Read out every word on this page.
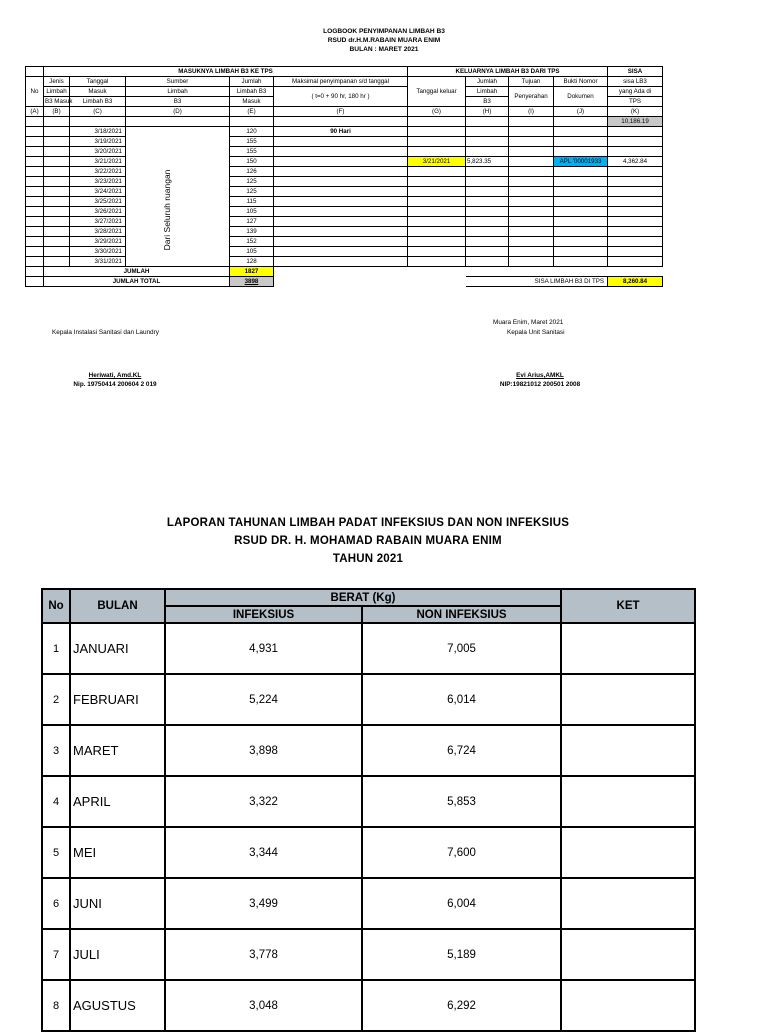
LOGBOOK PENYIMPANAN LIMBAH B3
RSUD dr.H.M.RABAIN MUARA ENIM
BULAN : MARET 2021
	MASUKNYA LIMBAH B3 KE TPS					KELUARNYA LIMBAH B3 DARI TPS				SISA
No	Jenis	Tanggal	Sumber	Jumlah	Maksimal penyimpanan s/d tanggal	Tanggal keluar	Jumlah	Tujuan	Bukti Nomor	sisa LB3
	Limbah	Masuk	Limbah	Limbah B3	( t=0 + 90 hr, 180 hr )		Limbah	Penyerahan	Dokumen	yang Ada di
	B3 Masuk	Limbah B3	B3	Masuk			B3			TPS
(A)	(B)	(C)	(D)	(E)	(F)	(G)	(H)	(I)	(J)	(K)
										10,186.19
		3/18/2021		120	90 Hari					
		3/19/2021		155						
		3/20/2021		155						
		3/21/2021		150		3/21/2021	5,823.35		APL '00001933	4,362.84
		3/22/2021		126						
		3/23/2021		125						
		3/24/2021		125						
		3/25/2021		115						
		3/26/2021		105						
		3/27/2021		127						
		3/28/2021		139						
		3/29/2021		152						
		3/30/2021		105						
		3/31/2021		128						
	JUMLAH			1827						
	JUMLAH TOTAL			3898			SISA LIMBAH B3 DI TPS			8,260.84
Dari Seluruh ruangan
Muara Enim, Maret 2021
Kepala Instalasi Sanitasi dan Laundry	Kepala Unit Sanitasi
Heriwati, Amd.KL
Nip. 19750414 200604 2 019
Evi Arius,AMKL
NIP:19821012 200501 2008
LAPORAN TAHUNAN LIMBAH PADAT INFEKSIUS DAN NON INFEKSIUS
RSUD DR. H. MOHAMAD RABAIN MUARA ENIM
TAHUN 2021
No	BULAN	BERAT (Kg)		KET
		INFEKSIUS	NON INFEKSIUS	
1	JANUARI	4,931	7,005	
2	FEBRUARI	5,224	6,014	
3	MARET	3,898	6,724	
4	APRIL	3,322	5,853	
5	MEI	3,344	7,600	
6	JUNI	3,499	6,004	
7	JULI	3,778	5,189	
8	AGUSTUS	3,048	6,292	
